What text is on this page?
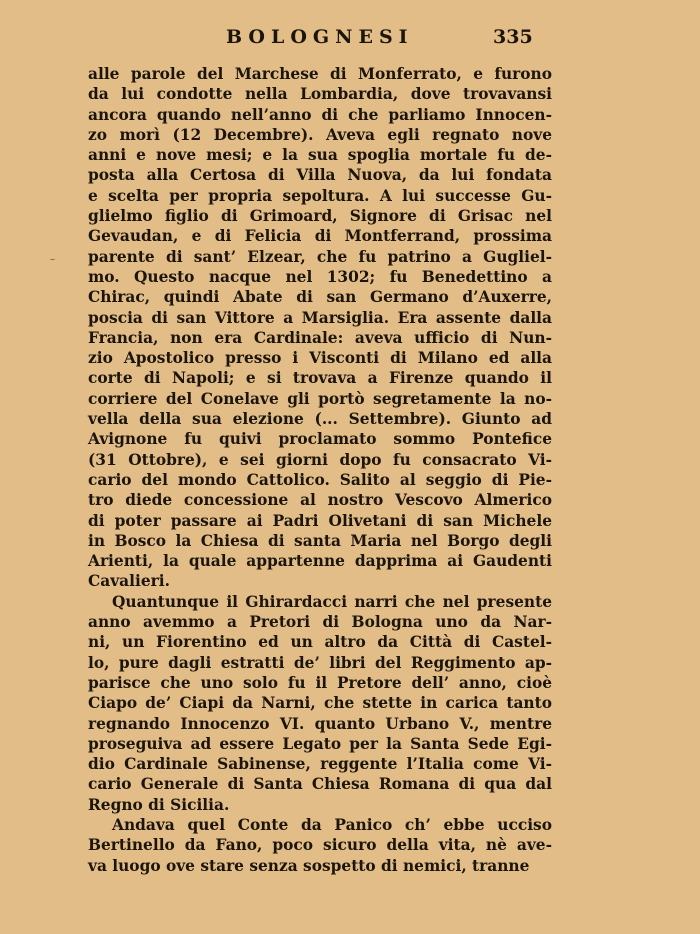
BOLOGNESI	335
alle parole del Marchese di Monferrato, e furono
da lui condotte nella Lombardia, dove trovavansi
ancora quando nell’anno di che parliamo Innocen-
zo morì (12 Decembre). Aveva egli regnato nove
anni e nove mesi; e la sua spoglia mortale fu de-
posta alla Certosa di Villa Nuova, da lui fondata
e scelta per propria sepoltura. A lui successe Gu-
glielmo figlio di Grimoard, Signore di Grisac nel
Gevaudan, e di Felicia di Montferrand, prossima
parente di sant’ Elzear, che fu patrino a Gugliel-
mo. Questo nacque nel 1302; fu Benedettino a
Chirac, quindi Abate di san Germano d’Auxerre,
poscia di san Vittore a Marsiglia. Era assente dalla
Francia, non era Cardinale: aveva ufficio di Nun-
zio Apostolico presso i Visconti di Milano ed alla
corte di Napoli; e si trovava a Firenze quando il
corriere del Conelave gli portò segretamente la no-
vella della sua elezione (... Settembre). Giunto ad
Avignone fu quivi proclamato sommo Pontefice
(31 Ottobre), e sei giorni dopo fu consacrato Vi-
cario del mondo Cattolico. Salito al seggio di Pie-
tro diede concessione al nostro Vescovo Almerico
di poter passare ai Padri Olivetani di san Michele
in Bosco la Chiesa di santa Maria nel Borgo degli
Arienti, la quale appartenne dapprima ai Gaudenti
Cavalieri.
Quantunque il Ghirardacci narri che nel presente
anno avemmo a Pretori di Bologna uno da Nar-
ni, un Fiorentino ed un altro da Città di Castel-
lo, pure dagli estratti de’ libri del Reggimento ap-
parisce che uno solo fu il Pretore dell’ anno, cioè
Ciapo de’ Ciapi da Narni, che stette in carica tanto
regnando Innocenzo VI. quanto Urbano V., mentre
proseguiva ad essere Legato per la Santa Sede Egi-
dio Cardinale Sabinense, reggente l’Italia come Vi-
cario Generale di Santa Chiesa Romana di qua dal
Regno di Sicilia.
Andava quel Conte da Panico ch’ ebbe ucciso
Bertinello da Fano, poco sicuro della vita, nè ave-
va luogo ove stare senza sospetto di nemici, tranne
–
